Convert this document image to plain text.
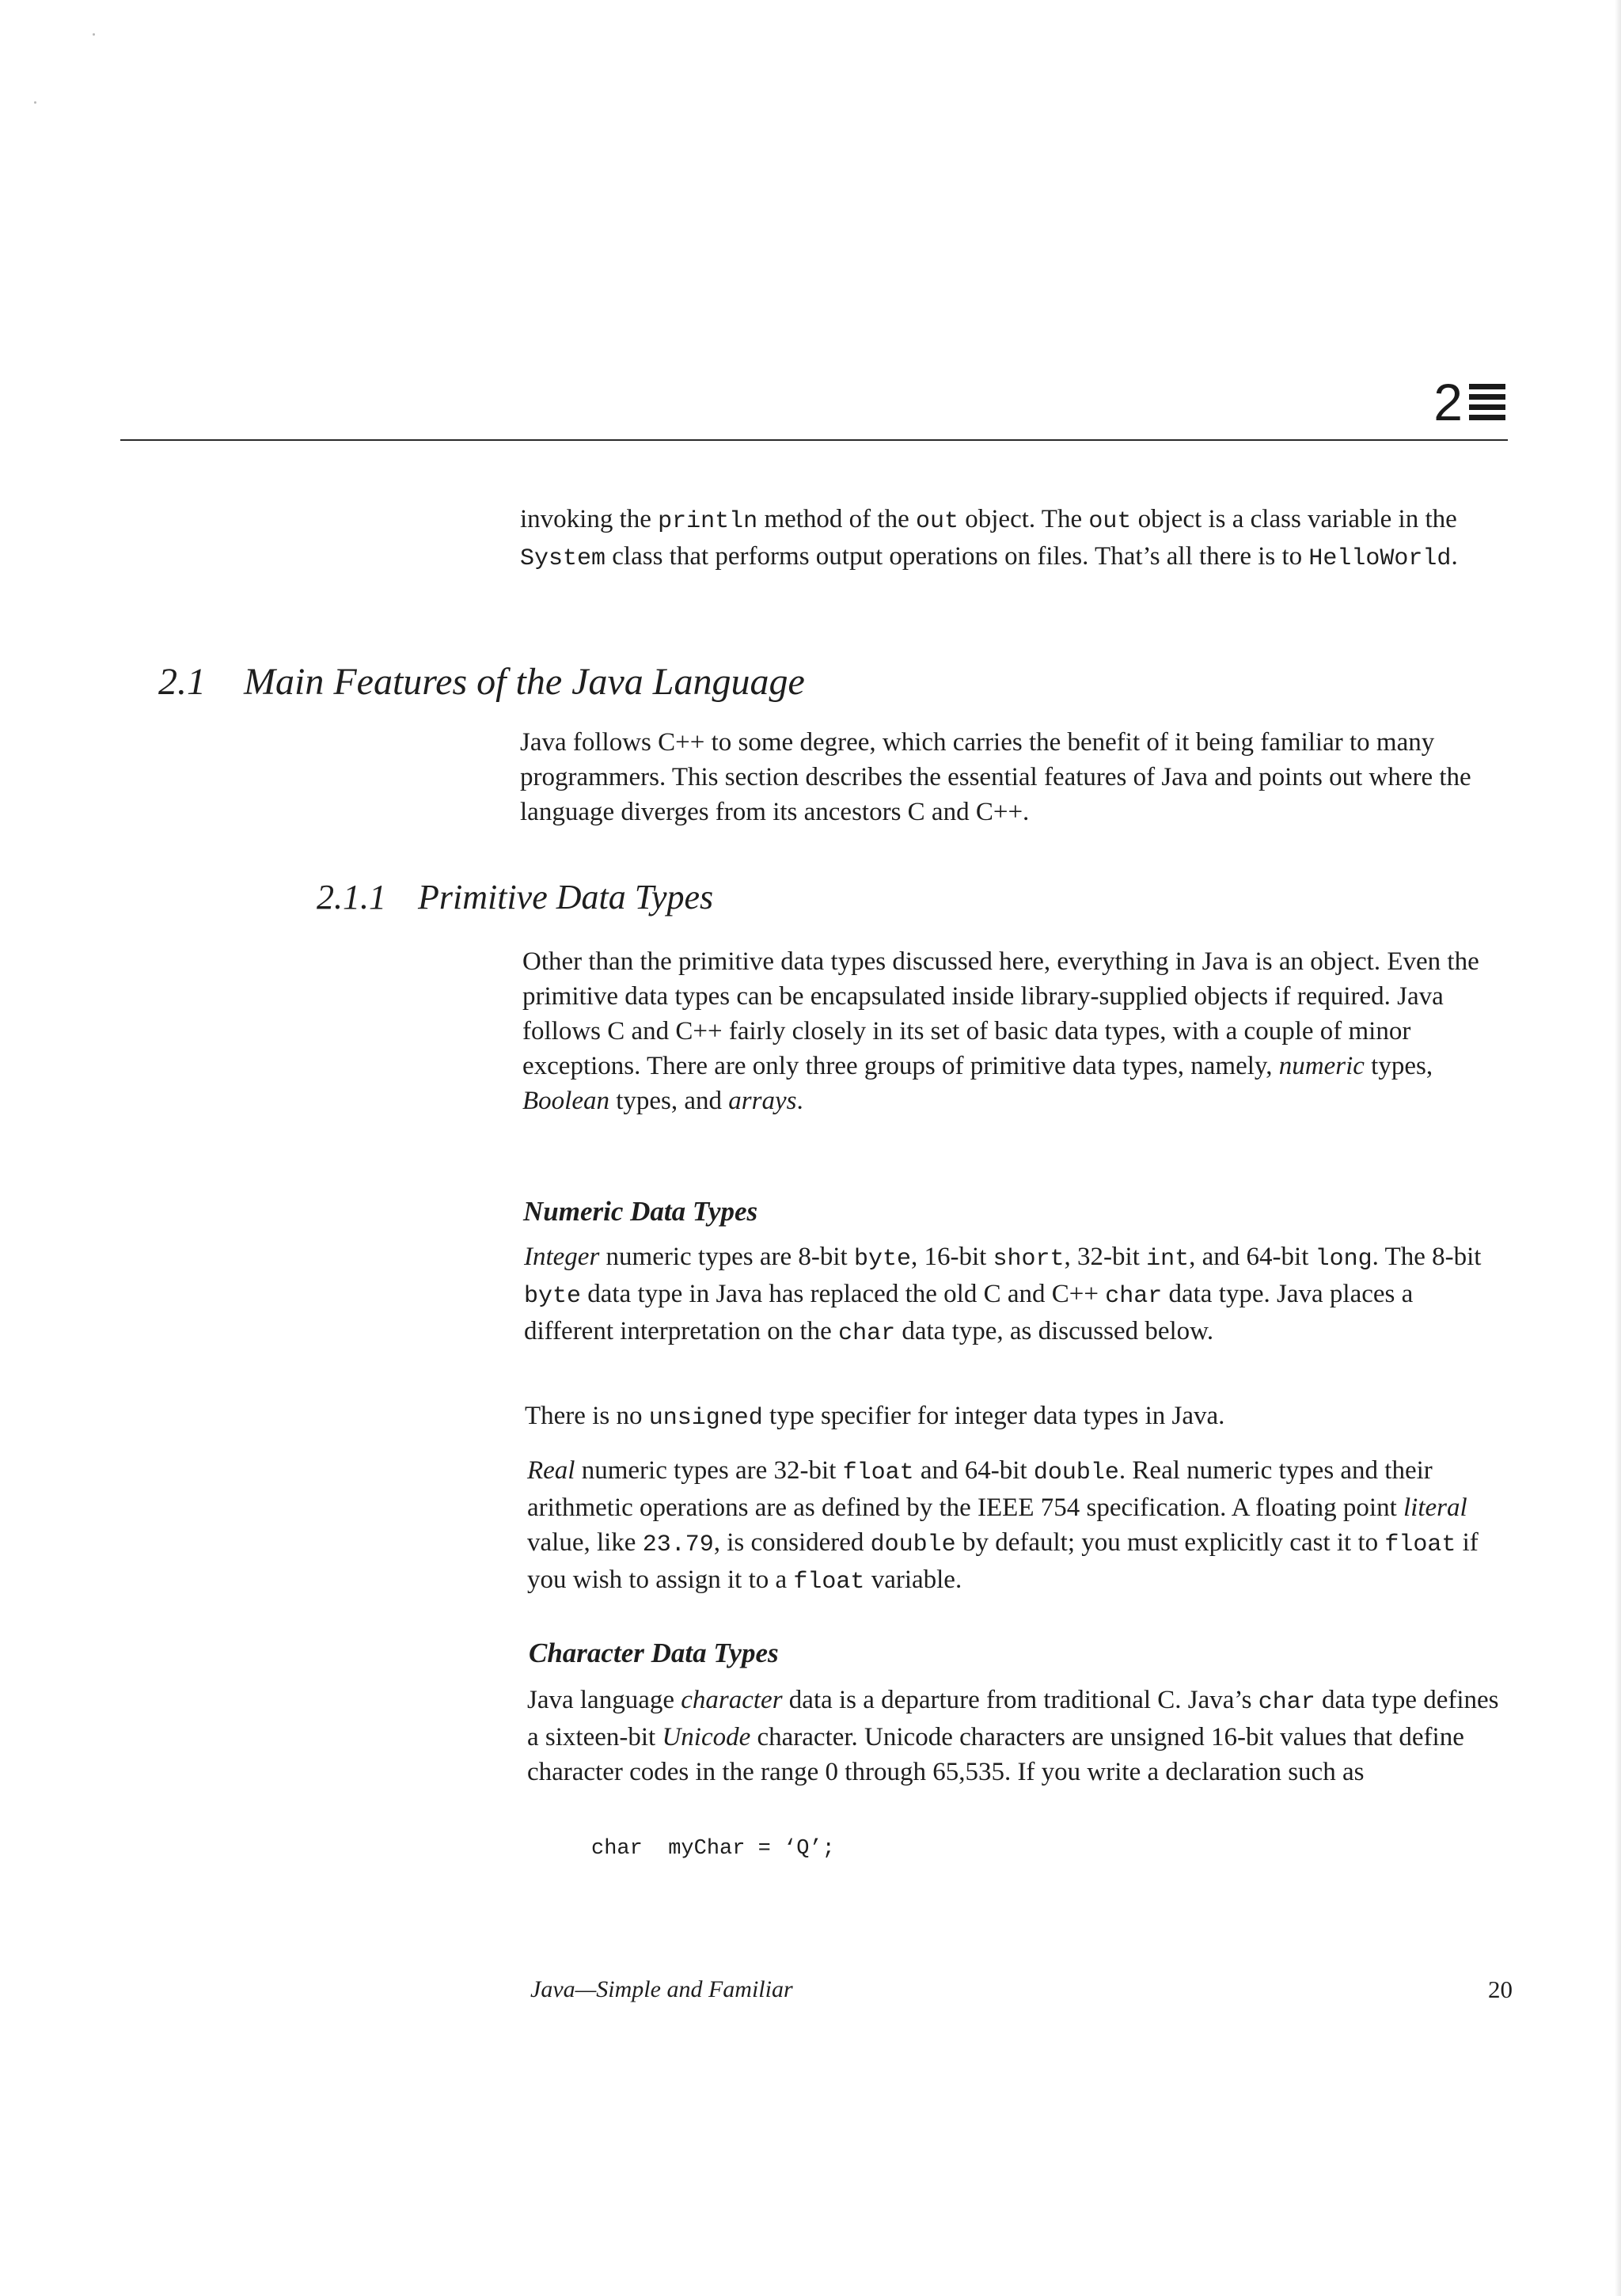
2

invoking the println method of the out object. The out object is a class variable in the System class that performs output operations on files. That’s all there is to HelloWorld.

2.1 Main Features of the Java Language

Java follows C++ to some degree, which carries the benefit of it being familiar to many programmers. This section describes the essential features of Java and points out where the language diverges from its ancestors C and C++.

2.1.1 Primitive Data Types

Other than the primitive data types discussed here, everything in Java is an object. Even the primitive data types can be encapsulated inside library-supplied objects if required. Java follows C and C++ fairly closely in its set of basic data types, with a couple of minor exceptions. There are only three groups of primitive data types, namely, numeric types, Boolean types, and arrays.

Numeric Data Types

Integer numeric types are 8-bit byte, 16-bit short, 32-bit int, and 64-bit long. The 8-bit byte data type in Java has replaced the old C and C++ char data type. Java places a different interpretation on the char data type, as discussed below.

There is no unsigned type specifier for integer data types in Java.

Real numeric types are 32-bit float and 64-bit double. Real numeric types and their arithmetic operations are as defined by the IEEE 754 specification. A floating point literal value, like 23.79, is considered double by default; you must explicitly cast it to float if you wish to assign it to a float variable.

Character Data Types

Java language character data is a departure from traditional C. Java’s char data type defines a sixteen-bit Unicode character. Unicode characters are unsigned 16-bit values that define character codes in the range 0 through 65,535. If you write a declaration such as

char  myChar = ‘Q’;
Java—Simple and Familiar	20
